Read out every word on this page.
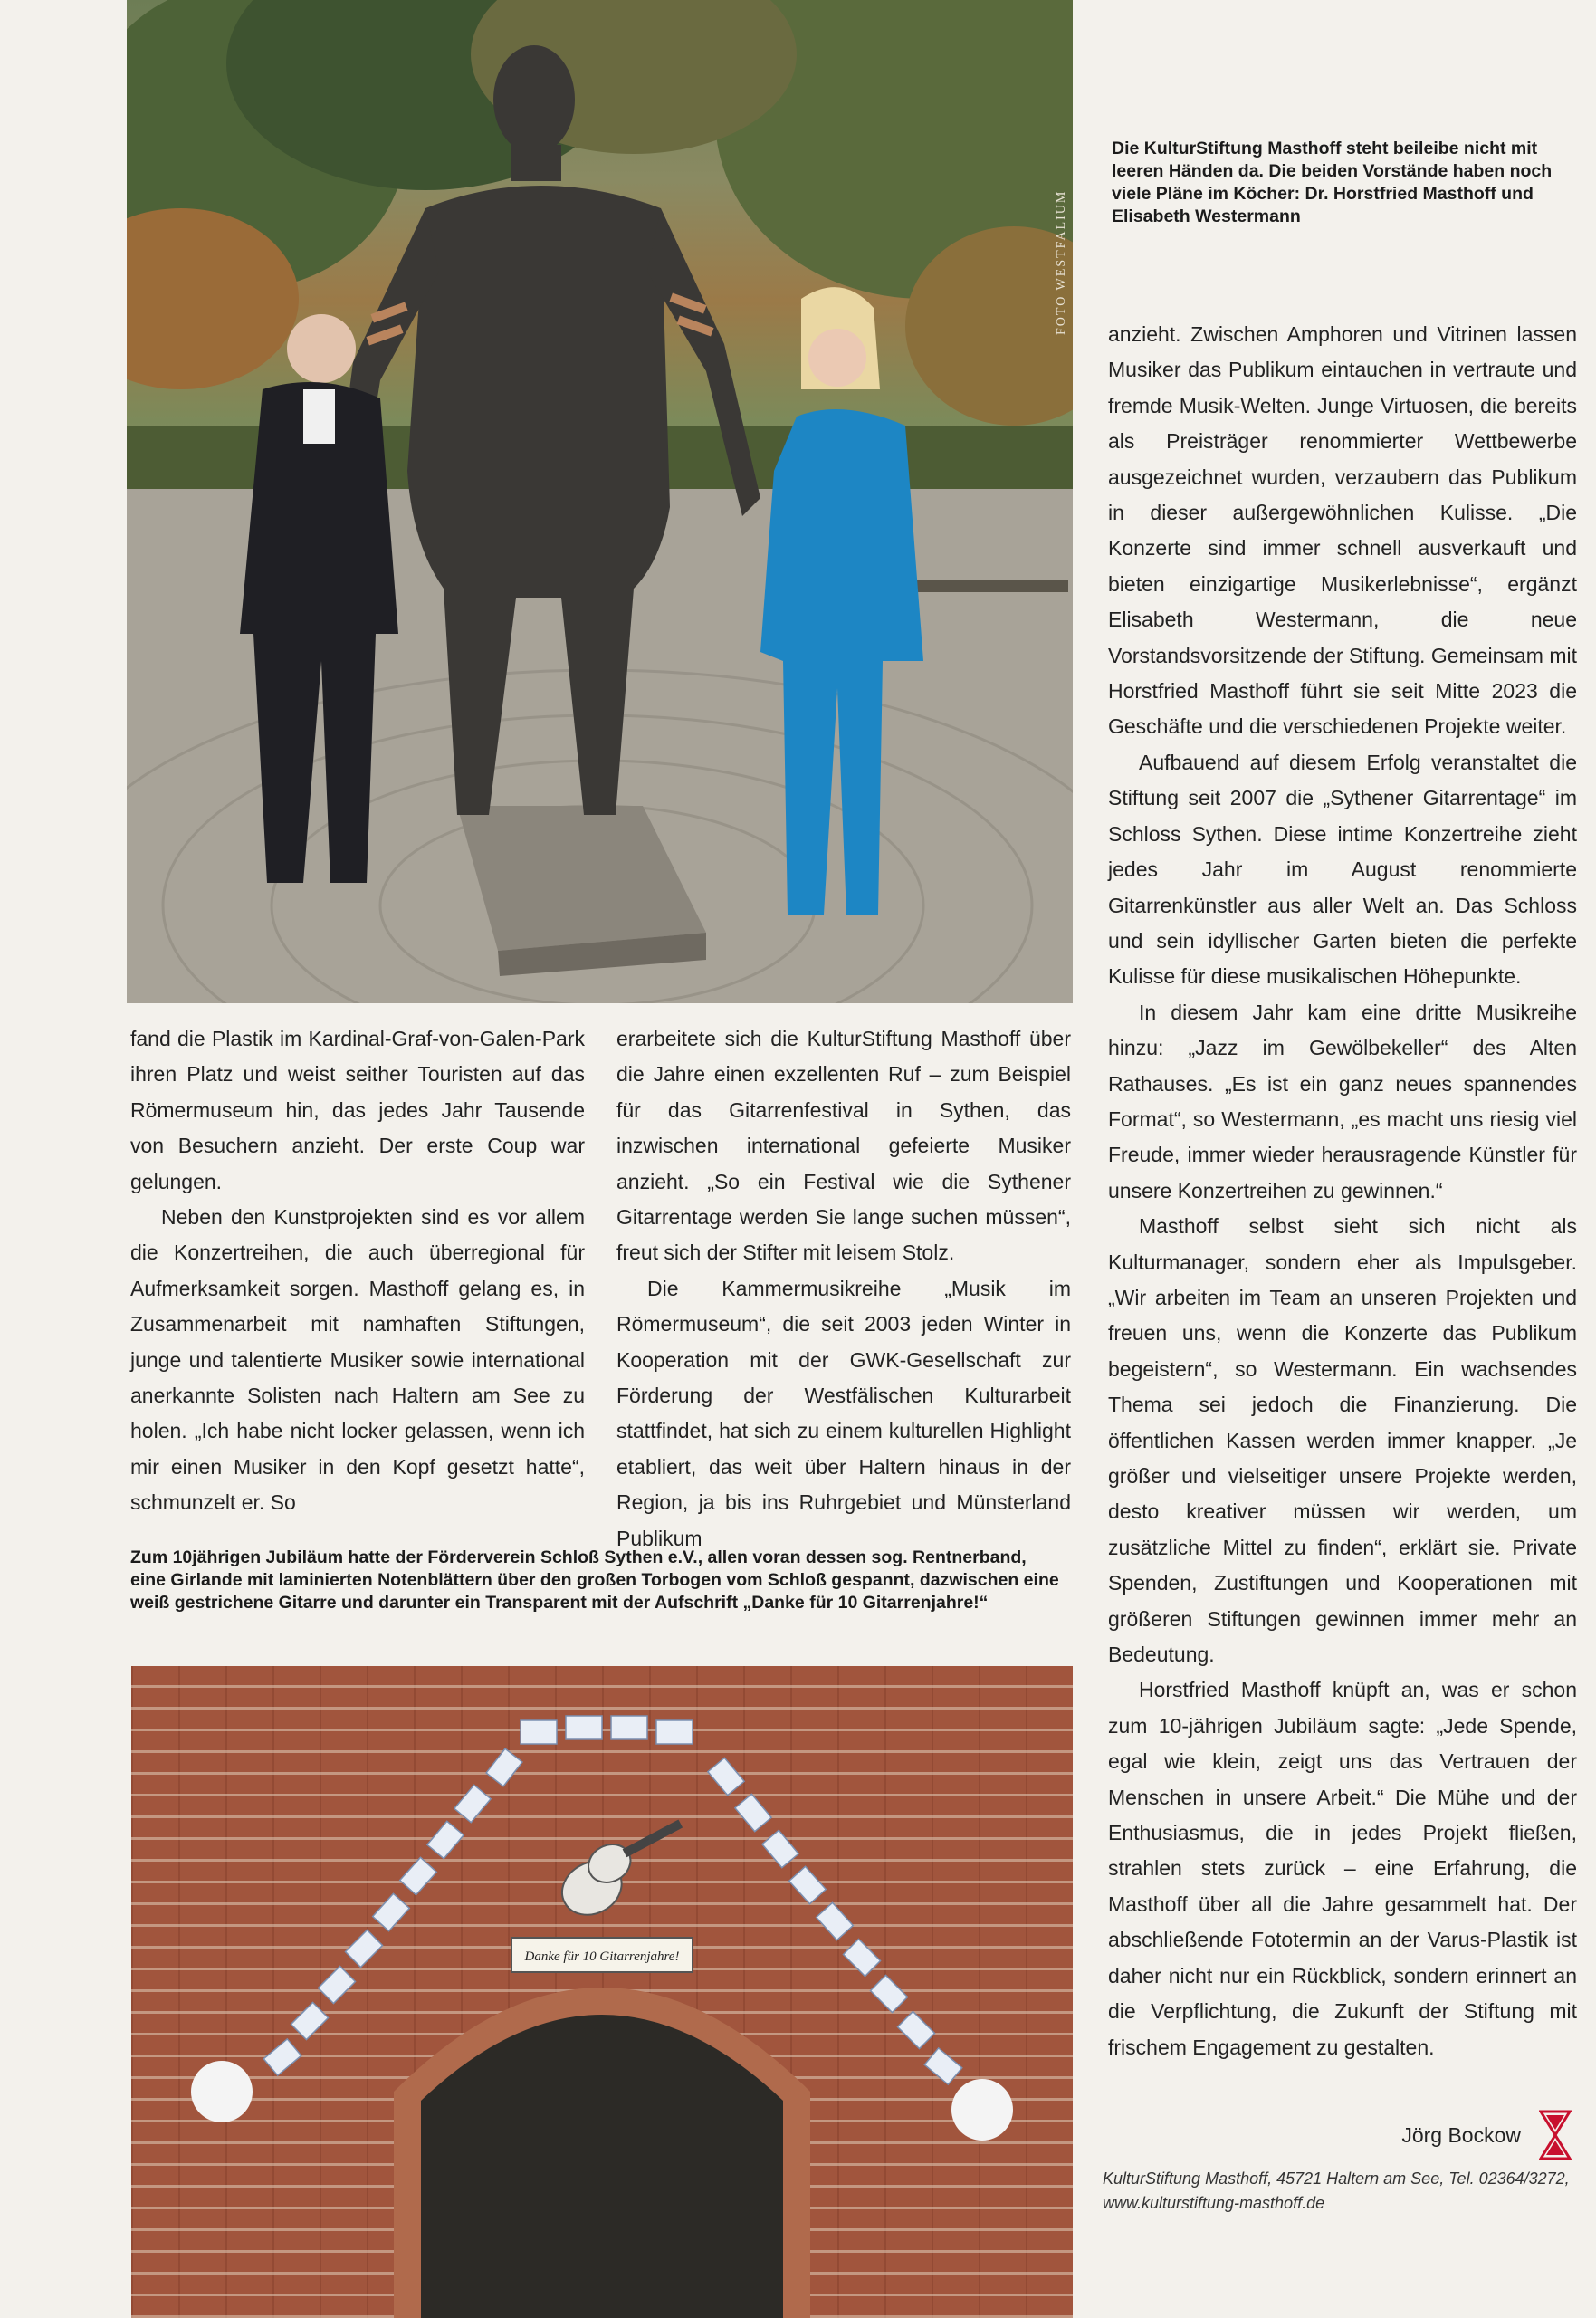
FOTO WESTFALIUM
Die KulturStiftung Masthoff steht beileibe nicht mit leeren Händen da. Die beiden Vorstände haben noch viele Pläne im Köcher: Dr. Horstfried Masthoff und Elisabeth Westermann

fand die Plastik im Kardinal-Graf-von-Galen-Park ihren Platz und weist seither Touristen auf das Römermuseum hin, das jedes Jahr Tausende von Besuchern anzieht. Der erste Coup war gelungen.

Neben den Kunstprojekten sind es vor allem die Konzertreihen, die auch überregional für Aufmerksamkeit sorgen. Masthoff gelang es, in Zusammenarbeit mit namhaften Stiftungen, junge und talentierte Musiker sowie international anerkannte Solisten nach Haltern am See zu holen. „Ich habe nicht locker gelassen, wenn ich mir einen Musiker in den Kopf gesetzt hatte“, schmunzelt er. So

erarbeitete sich die KulturStiftung Masthoff über die Jahre einen exzellenten Ruf – zum Beispiel für das Gitarrenfestival in Sythen, das inzwischen international gefeierte Musiker anzieht. „So ein Festival wie die Sythener Gitarrentage werden Sie lange suchen müssen“, freut sich der Stifter mit leisem Stolz.

Die Kammermusikreihe „Musik im Römermuseum“, die seit 2003 jeden Winter in Kooperation mit der GWK-Gesellschaft zur Förderung der Westfälischen Kulturarbeit stattfindet, hat sich zu einem kulturellen Highlight etabliert, das weit über Haltern hinaus in der Region, ja bis ins Ruhrgebiet und Münsterland Publikum

Zum 10jährigen Jubiläum hatte der Förderverein Schloß Sythen e.V., allen voran dessen sog. Rentnerband, eine Girlande mit laminierten Notenblättern über den großen Torbogen vom Schloß gespannt, dazwischen eine weiß gestrichene Gitarre und darunter ein Transparent mit der Aufschrift „Danke für 10 Gitarrenjahre!“
Danke für 10 Gitarrenjahre!

anzieht. Zwischen Amphoren und Vitrinen lassen Musiker das Publikum eintauchen in vertraute und fremde Musik-Welten. Junge Virtuosen, die bereits als Preisträger renommierter Wettbewerbe ausgezeichnet wurden, verzaubern das Publikum in dieser außergewöhnlichen Kulisse. „Die Konzerte sind immer schnell ausverkauft und bieten einzigartige Musikerlebnisse“, ergänzt Elisabeth Westermann, die neue Vorstandsvorsitzende der Stiftung. Gemeinsam mit Horstfried Masthoff führt sie seit Mitte 2023 die Geschäfte und die verschiedenen Projekte weiter.

Aufbauend auf diesem Erfolg veranstaltet die Stiftung seit 2007 die „Sythener Gitarrentage“ im Schloss Sythen. Diese intime Konzertreihe zieht jedes Jahr im August renommierte Gitarrenkünstler aus aller Welt an. Das Schloss und sein idyllischer Garten bieten die perfekte Kulisse für diese musikalischen Höhepunkte.

In diesem Jahr kam eine dritte Musikreihe hinzu: „Jazz im Gewölbekeller“ des Alten Rathauses. „Es ist ein ganz neues spannendes Format“, so Westermann, „es macht uns riesig viel Freude, immer wieder herausragende Künstler für unsere Konzertreihen zu gewinnen.“

Masthoff selbst sieht sich nicht als Kulturmanager, sondern eher als Impulsgeber. „Wir arbeiten im Team an unseren Projekten und freuen uns, wenn die Konzerte das Publikum begeistern“, so Westermann. Ein wachsendes Thema sei jedoch die Finanzierung. Die öffentlichen Kassen werden immer knapper. „Je größer und vielseitiger unsere Projekte werden, desto kreativer müssen wir werden, um zusätzliche Mittel zu finden“, erklärt sie. Private Spenden, Zustiftungen und Kooperationen mit größeren Stiftungen gewinnen immer mehr an Bedeutung.

Horstfried Masthoff knüpft an, was er schon zum 10-jährigen Jubiläum sagte: „Jede Spende, egal wie klein, zeigt uns das Vertrauen der Menschen in unsere Arbeit.“ Die Mühe und der Enthusiasmus, die in jedes Projekt fließen, strahlen stets zurück – eine Erfahrung, die Masthoff über all die Jahre gesammelt hat. Der abschließende Fototermin an der Varus-Plastik ist daher nicht nur ein Rückblick, sondern erinnert an die Verpflichtung, die Zukunft der Stiftung mit frischem Engagement zu gestalten.

Jörg Bockow
KulturStiftung Masthoff, 45721 Haltern am See, Tel. 02364/3272,
www.kulturstiftung-masthoff.de
